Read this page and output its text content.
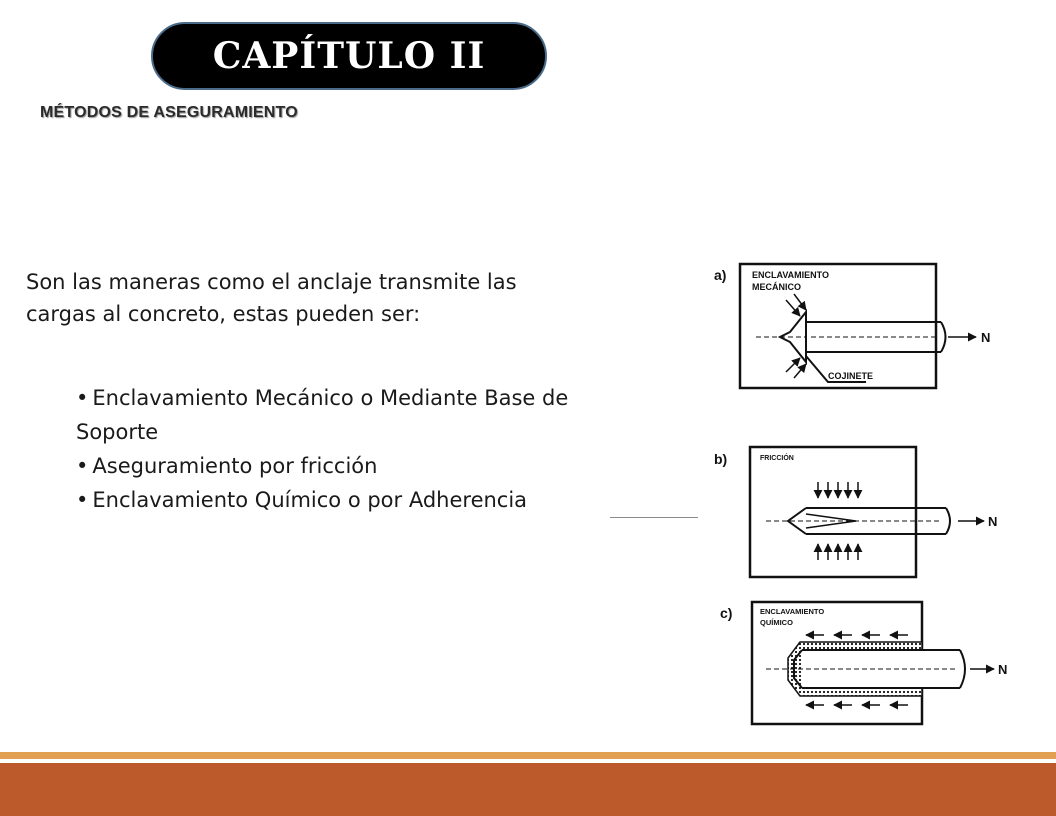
CAPÍTULO II
MÉTODOS DE ASEGURAMIENTO
Son las maneras como el anclaje transmite las
cargas al concreto, estas pueden ser:
• Enclavamiento Mecánico o Mediante Base de Soporte
• Aseguramiento por fricción
• Enclavamiento Químico o por Adherencia
a)	ENCLAVAMIENTO
MECÁNICO
COJINETE
N
b)	FRICCIÓN
N
c)	ENCLAVAMIENTO
QUÍMICO
N
